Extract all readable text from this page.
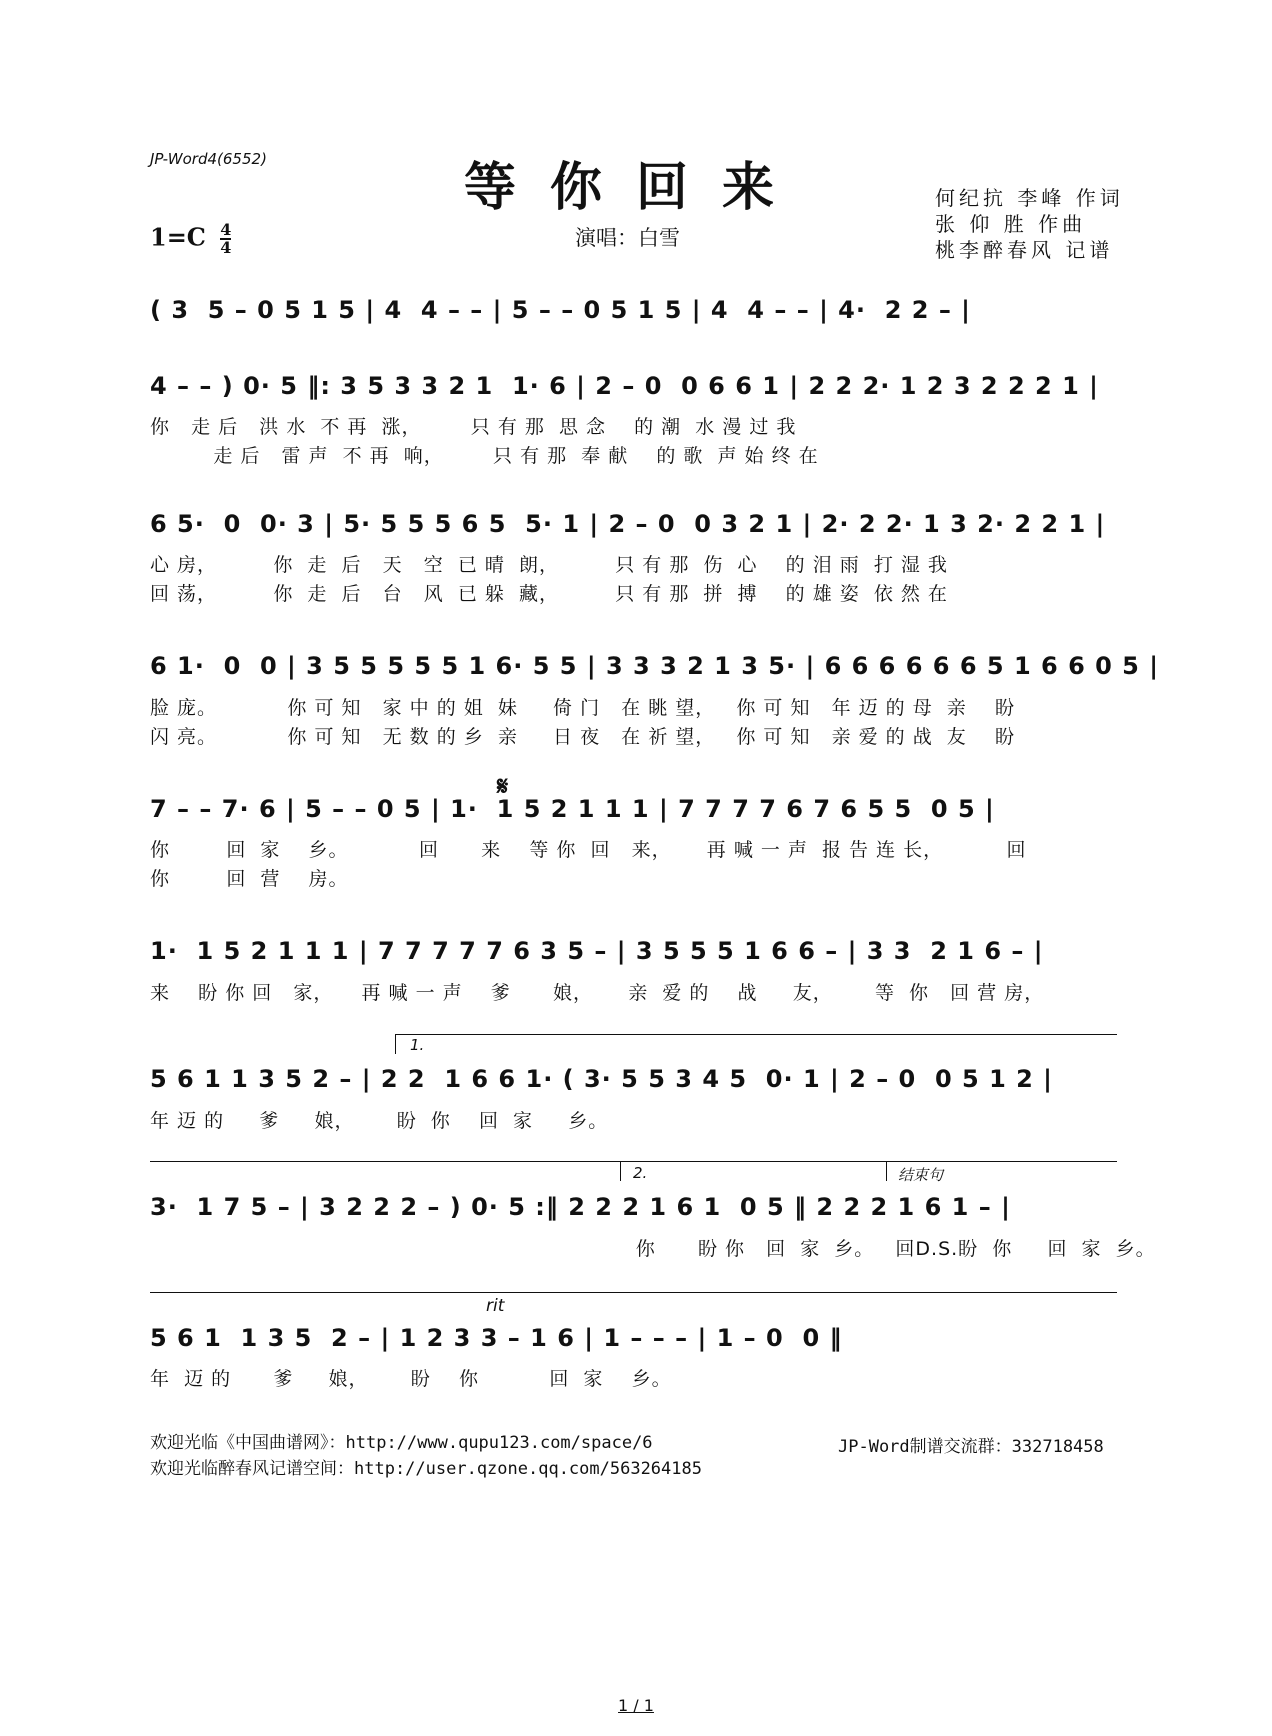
JP-Word4(6552)	等你回来
$1=C \frac{4}{4}$	演唱：白雪
何纪抗 李峰 作词
张 仰 胜 作曲
桃李醉春风 记谱
( 3  5 – 0 5 1 5 | 4  4 – – | 5 – – 0 5 1 5 | 4  4 – – | 4·  2 2 – |
4 – – ) 0· 5 ‖: 3 5 3 3 2 1  1· 6 | 2 – 0  0 6 6 1 | 2 2 2· 1 2 3 2 2 2 1 |
你   走 后   洪 水  不 再  涨，       只 有 那  思 念    的 潮  水 漫 过 我
走 后   雷 声  不 再  响，       只 有 那  奉 献    的 歌  声 始 终 在
6 5·  0  0· 3 | 5· 5 5 5 6 5  5· 1 | 2 – 0  0 3 2 1 | 2· 2 2· 1 3 2· 2 2 1 |
心 房，        你  走  后   天   空  已 晴  朗，        只 有 那  伤  心    的 泪 雨  打 湿 我
回 荡，        你  走  后   台   风  已 躲  藏，        只 有 那  拼  搏    的 雄 姿  依 然 在
6 1·  0  0 | 3 5 5 5 5 5 1 6· 5 5 | 3 3 3 2 1 3 5· | 6 6 6 6 6 6 5 1 6 6 0 5 |
脸 庞。          你 可 知   家 中 的 姐  妹     倚 门   在 眺 望，   你 可 知   年 迈 的 母  亲    盼
闪 亮。          你 可 知   无 数 的 乡  亲     日 夜   在 祈 望，   你 可 知   亲 爱 的 战  友    盼
𝄋
7 – – 7· 6 | 5 – – 0 5 | 1·  1 5 2 1 1 1 | 7 7 7 7 6 7 6 5 5  0 5 |
你        回  家    乡。          回      来    等 你  回   来，     再 喊 一 声  报 告 连 长，         回
你        回  营    房。
1·  1 5 2 1 1 1 | 7 7 7 7 7 6 3 5 – | 3 5 5 5 1 6 6 – | 3 3  2 1 6 – |
来    盼 你 回   家，    再 喊 一 声    爹      娘，     亲  爱 的    战     友，      等  你   回 营 房，
1.
5 6 1 1 3 5 2 – | 2 2  1 6 6 1· ( 3· 5 5 3 4 5  0· 1 | 2 – 0  0 5 1 2 |
年 迈 的     爹     娘，      盼  你    回  家     乡。
2.	结束句
3·  1 7 5 – | 3 2 2 2 – ) 0· 5 :‖ 2 2 2 1 6 1  0 5 ‖ 2 2 2 1 6 1 – |
你      盼 你   回  家  乡。   回D.S.盼  你     回  家  乡。
rit
5 6 1  1 3 5  2 – | 1 2 3 3 – 1 6 | 1 – – – | 1 – 0  0 ‖
年  迈 的      爹     娘，      盼    你          回  家    乡。
欢迎光临《中国曲谱网》：http://www.qupu123.com/space/6
欢迎光临醉春风记谱空间：http://user.qzone.qq.com/563264185
JP-Word制谱交流群：332718458
1 / 1
